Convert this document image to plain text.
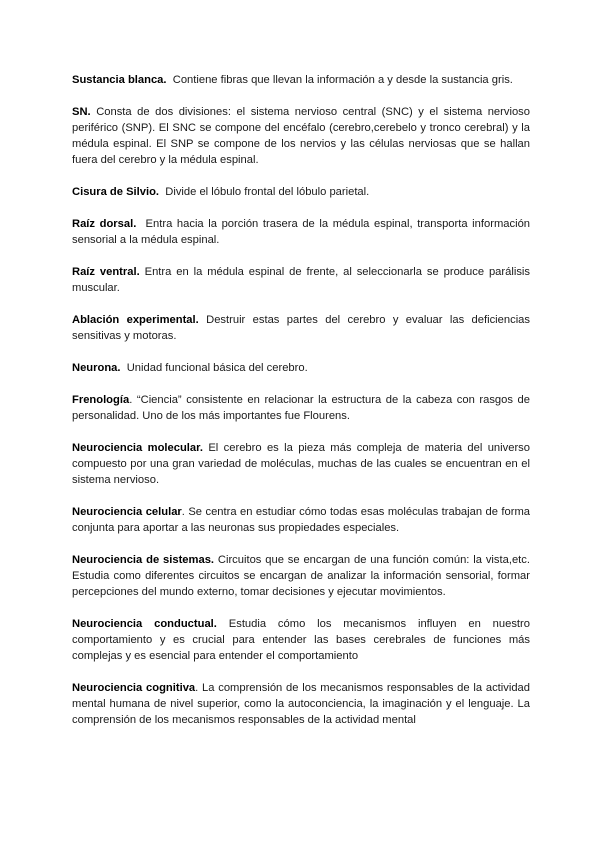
Sustancia blanca. Contiene fibras que llevan la información a y desde la sustancia gris.

SN. Consta de dos divisiones: el sistema nervioso central (SNC) y el sistema nervioso periférico (SNP). El SNC se compone del encéfalo (cerebro,cerebelo y tronco cerebral) y la médula espinal. El SNP se compone de los nervios y las células nerviosas que se hallan fuera del cerebro y la médula espinal.

Cisura de Silvio. Divide el lóbulo frontal del lóbulo parietal.

Raíz dorsal. Entra hacia la porción trasera de la médula espinal, transporta información sensorial a la médula espinal.

Raíz ventral. Entra en la médula espinal de frente, al seleccionarla se produce parálisis muscular.

Ablación experimental. Destruir estas partes del cerebro y evaluar las deficiencias sensitivas y motoras.

Neurona. Unidad funcional básica del cerebro.

Frenología. “Ciencia” consistente en relacionar la estructura de la cabeza con rasgos de personalidad. Uno de los más importantes fue Flourens.

Neurociencia molecular. El cerebro es la pieza más compleja de materia del universo compuesto por una gran variedad de moléculas, muchas de las cuales se encuentran en el sistema nervioso.

Neurociencia celular. Se centra en estudiar cómo todas esas moléculas trabajan de forma conjunta para aportar a las neuronas sus propiedades especiales.

Neurociencia de sistemas. Circuitos que se encargan de una función común: la vista,etc. Estudia como diferentes circuitos se encargan de analizar la información sensorial, formar percepciones del mundo externo, tomar decisiones y ejecutar movimientos.

Neurociencia conductual. Estudia cómo los mecanismos influyen en nuestro comportamiento y es crucial para entender las bases cerebrales de funciones más complejas y es esencial para entender el comportamiento

Neurociencia cognitiva. La comprensión de los mecanismos responsables de la actividad mental humana de nivel superior, como la autoconciencia, la imaginación y el lenguaje. La comprensión de los mecanismos responsables de la actividad mental
